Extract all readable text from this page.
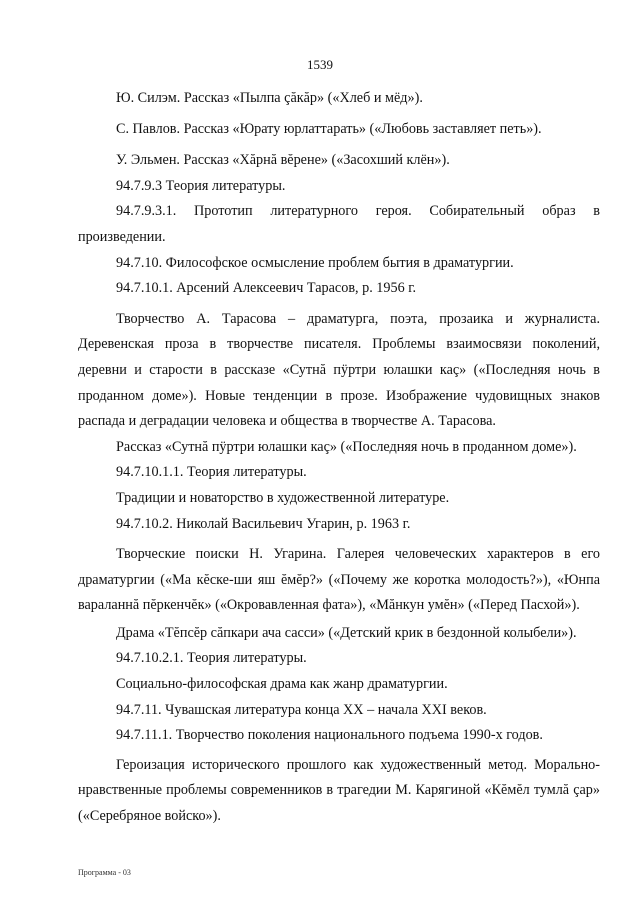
1539

Ю. Силэм. Рассказ «Пылпа çăкăр» («Хлеб и мёд»).

С. Павлов. Рассказ «Юрату юрлаттарать» («Любовь заставляет петь»).

У. Эльмен. Рассказ «Хăрнă вĕрене» («Засохший клён»).

94.7.9.3 Теория литературы.

94.7.9.3.1. Прототип литературного героя. Собирательный образ в произведении.

94.7.10. Философское осмысление проблем бытия в драматургии.

94.7.10.1. Арсений Алексеевич Тарасов, р. 1956 г.

Творчество А. Тарасова – драматурга, поэта, прозаика и журналиста. Деревенская проза в творчестве писателя. Проблемы взаимосвязи поколений, деревни и старости в рассказе «Сутнă пÿртри юлашки каç» («Последняя ночь в проданном доме»). Новые тенденции в прозе. Изображение чудовищных знаков распада и деградации человека и общества в творчестве А. Тарасова.

Рассказ «Сутнă пÿртри юлашки каç» («Последняя ночь в проданном доме»).

94.7.10.1.1. Теория литературы.

Традиции и новаторство в художественной литературе.

94.7.10.2. Николай Васильевич Угарин, р. 1963 г.

Творческие поиски Н. Угарина. Галерея человеческих характеров в его драматургии («Ма кĕске-ши яш ĕмĕр?» («Почему же коротка молодость?»), «Юнпа вараланнă пĕркенчĕк» («Окровавленная фата»), «Мăнкун умĕн» («Перед Пасхой»).

Драма «Тĕпсĕр сăпкари ача сасси» («Детский крик в бездонной колыбели»).

94.7.10.2.1. Теория литературы.

Социально-философская драма как жанр драматургии.

94.7.11. Чувашская литература конца XX – начала XXI веков.

94.7.11.1. Творчество поколения национального подъема 1990-х годов.

Героизация исторического прошлого как художественный метод. Морально-нравственные проблемы современников в трагедии М. Карягиной «Кĕмĕл тумлă çар» («Серебряное войско»).

Программа - 03
